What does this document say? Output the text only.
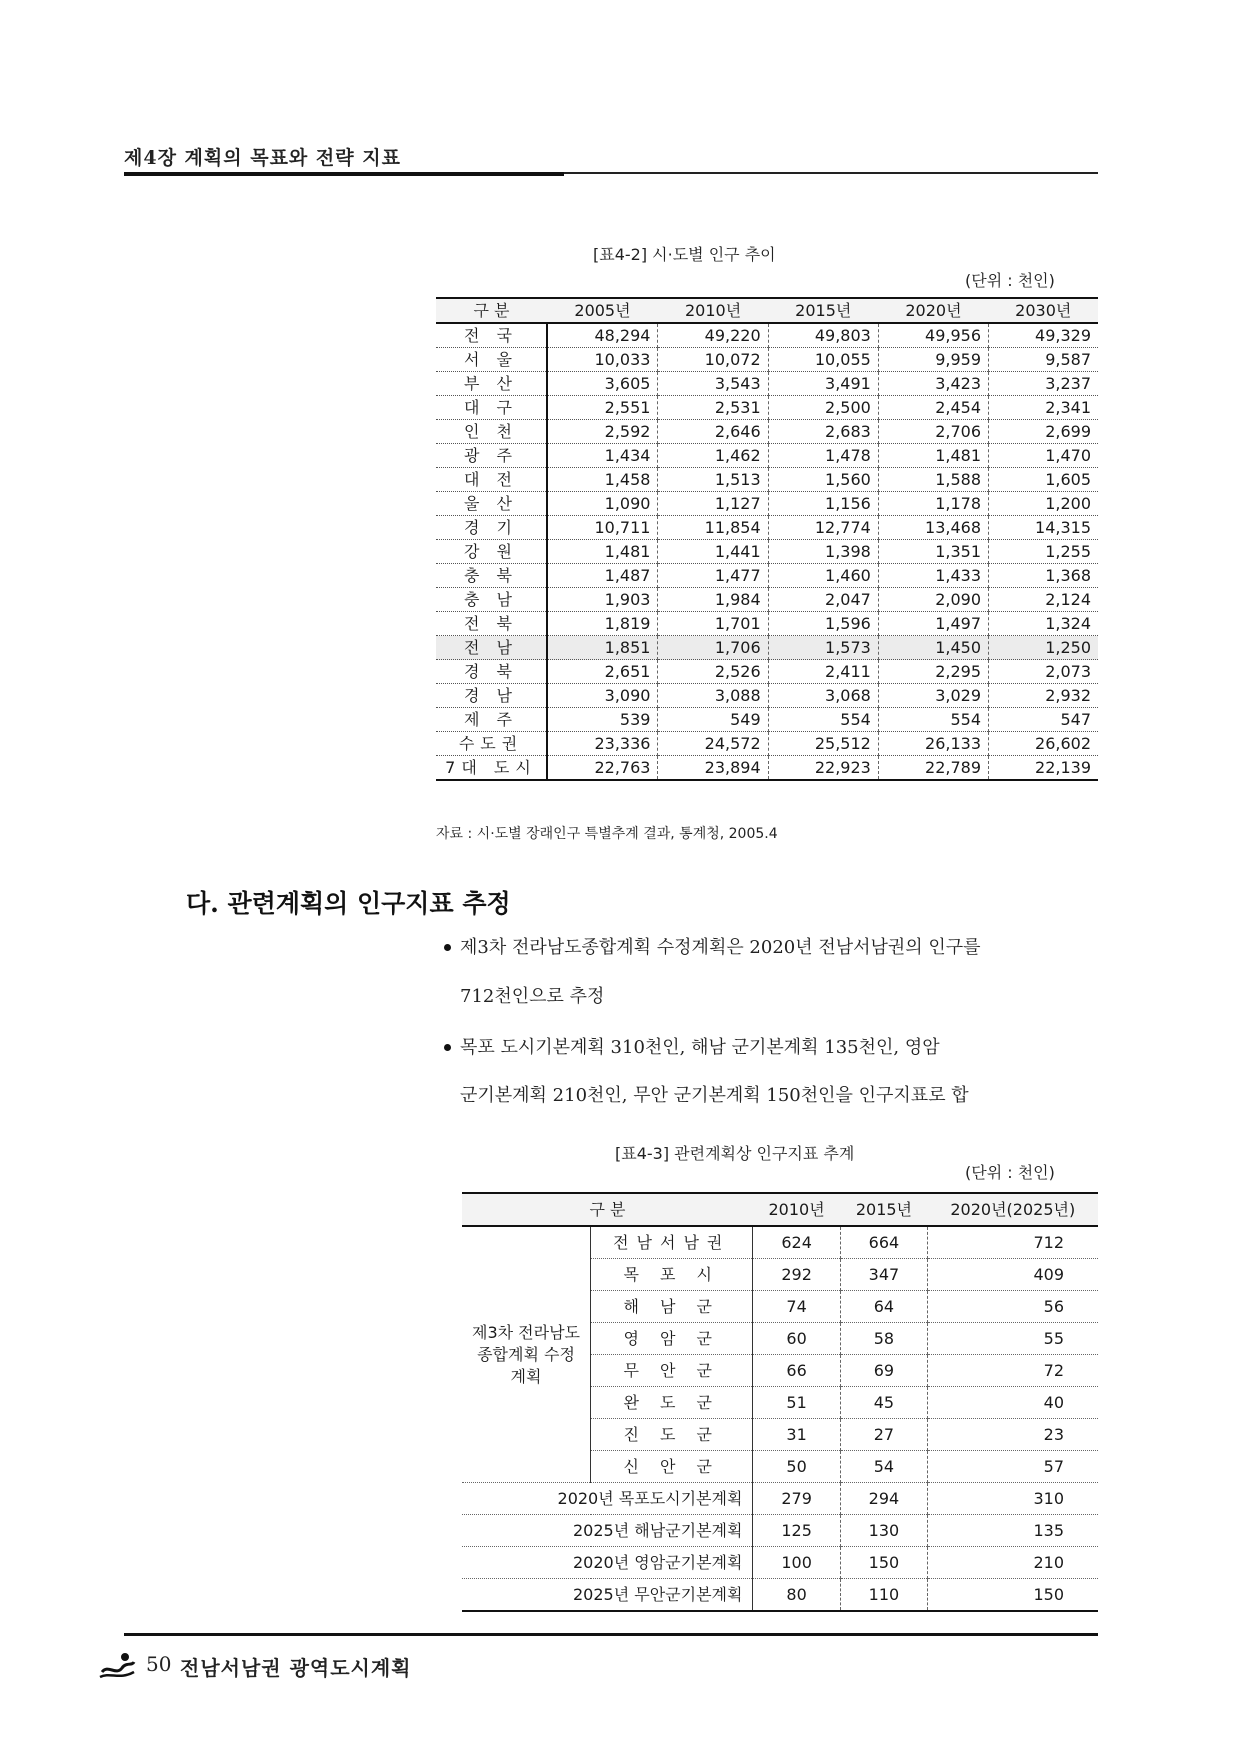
제4장 계획의 목표와 전략 지표
[표4-2] 시·도별 인구 추이
(단위 : 천인)
구 분	2005년	2010년	2015년	2020년	2030년
전 국	48,294	49,220	49,803	49,956	49,329
서 울	10,033	10,072	10,055	9,959	9,587
부 산	3,605	3,543	3,491	3,423	3,237
대 구	2,551	2,531	2,500	2,454	2,341
인 천	2,592	2,646	2,683	2,706	2,699
광 주	1,434	1,462	1,478	1,481	1,470
대 전	1,458	1,513	1,560	1,588	1,605
울 산	1,090	1,127	1,156	1,178	1,200
경 기	10,711	11,854	12,774	13,468	14,315
강 원	1,481	1,441	1,398	1,351	1,255
충 북	1,487	1,477	1,460	1,433	1,368
충 남	1,903	1,984	2,047	2,090	2,124
전 북	1,819	1,701	1,596	1,497	1,324
전 남	1,851	1,706	1,573	1,450	1,250
경 북	2,651	2,526	2,411	2,295	2,073
경 남	3,090	3,088	3,068	3,029	2,932
제 주	539	549	554	554	547
수도권	23,336	24,572	25,512	26,133	26,602
7대 도시	22,763	23,894	22,923	22,789	22,139
자료 : 시·도별 장래인구 특별추계 결과, 통계청, 2005.4
다. 관련계획의 인구지표 추정
제3차 전라남도종합계획 수정계획은 2020년 전남서남권의 인구를
712천인으로 추정
목포 도시기본계획 310천인, 해남 군기본계획 135천인, 영암
군기본계획 210천인, 무안 군기본계획 150천인을 인구지표로 합
[표4-3] 관련계획상 인구지표 추계
(단위 : 천인)
구 분		2010년	2015년	2020년(2025년)
제3차 전라남도 종합계획 수정계획	전남서남권	624	664	712
	목 포 시	292	347	409
	해 남 군	74	64	56
	영 암 군	60	58	55
	무 안 군	66	69	72
	완 도 군	51	45	40
	진 도 군	31	27	23
	신 안 군	50	54	57
2020년 목포도시기본계획		279	294	310
2025년 해남군기본계획		125	130	135
2020년 영암군기본계획		100	150	210
2025년 무안군기본계획		80	110	150
50 전남서남권 광역도시계획
